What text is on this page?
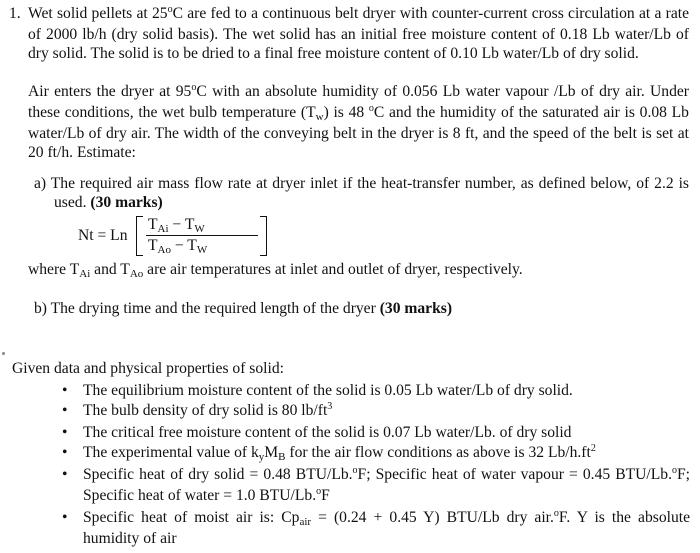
1. Wet solid pellets at 25$^o$C are fed to a continuous belt dryer with counter-current cross circulation at a rate of 2000 lb/h (dry solid basis). The wet solid has an initial free moisture content of 0.18 Lb water/Lb of dry solid. The solid is to be dried to a final free moisture content of 0.10 Lb water/Lb of dry solid.

Air enters the dryer at 95$^o$C with an absolute humidity of 0.056 Lb water vapour /Lb of dry air. Under these conditions, the wet bulb temperature (Tw) is 48 $^o$C and the humidity of the saturated air is 0.08 Lb water/Lb of dry air. The width of the conveying belt in the dryer is 8 ft, and the speed of the belt is set at 20 ft/h. Estimate:

a) The required air mass flow rate at dryer inlet if the heat-transfer number, as defined below, of 2.2 is used. (30 marks)
Nt = Ln
TAi − TW
TAo − TW
where TAi and TAo are air temperatures at inlet and outlet of dryer, respectively.
b) The drying time and the required length of the dryer (30 marks)

Given data and physical properties of solid:

• The equilibrium moisture content of the solid is 0.05 Lb water/Lb of dry solid.
• The bulb density of dry solid is 80 $lb/ft^3$
• The critical free moisture content of the solid is 0.07 Lb water/Lb. of dry solid
• The experimental value of kyMB for the air flow conditions as above is 32 $Lb/h.ft^2$
• Specific heat of dry solid = 0.48 BTU/Lb.$^o$F; Specific heat of water vapour = 0.45 BTU/Lb.$^o$F; Specific heat of water = 1.0 BTU/Lb.$^o$F
• Specific heat of moist air is: Cpair = (0.24 + 0.45 Y) BTU/Lb dry air.$^o$F. Y is the absolute humidity of air
